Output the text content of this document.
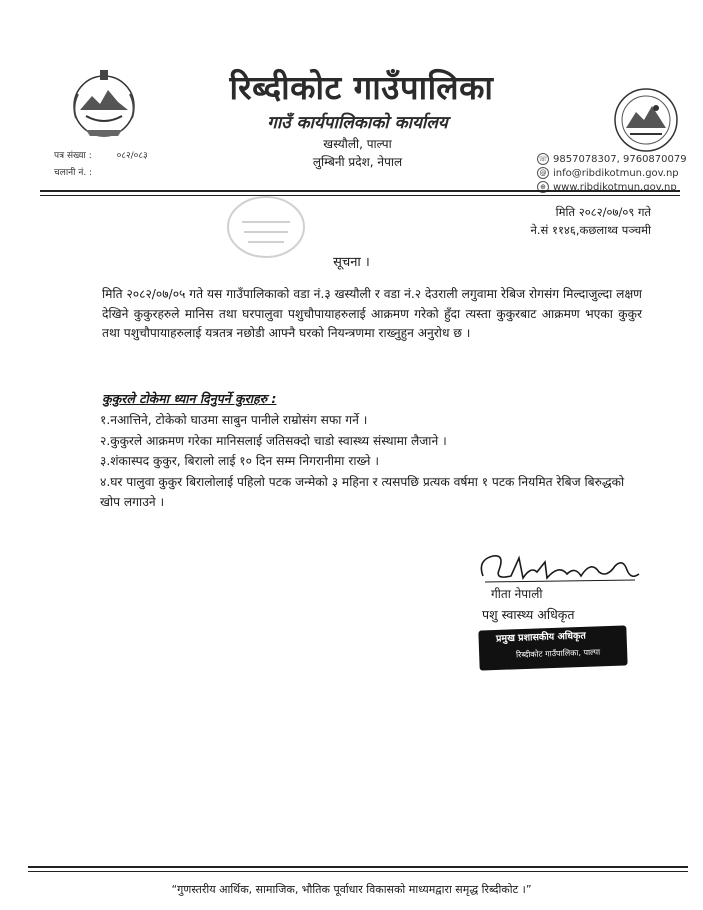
रिब्दीकोट गाउँपालिका
गाउँ कार्यपालिकाको कार्यालय
खस्यौली, पाल्पा
लुम्बिनी प्रदेश, नेपाल
पत्र संख्या :	०८२/०८३
चलानी नं. :
☏ 9857078307, 9760870079
@ info@ribdikotmun.gov.np
⊕ www.ribdikotmun.gov.np
मिति २०८२/०७/०९ गते
ने.सं ११४६,कछलाथ्व पञ्चमी
सूचना ।
मिति २०८२/०७/०५ गते यस गाउँपालिकाको वडा नं.३ खस्यौली र वडा नं.२ देउराली लगुवामा रेबिज रोगसंग मिल्दाजुल्दा लक्षण देखिने कुकुरहरुले मानिस तथा घरपालुवा पशुचौपायाहरुलाई आक्रमण गरेको हुँदा त्यस्ता कुकुरबाट आक्रमण भएका कुकुर तथा पशुचौपायाहरुलाई यत्रतत्र नछोडी आफ्नै घरको नियन्त्रणमा राख्नुहुन अनुरोध छ ।
कुकुरले टोकेमा ध्यान दिनुपर्ने कुराहरु :
१.नआत्तिने, टोकेको घाउमा साबुन पानीले राम्रोसंग सफा गर्ने ।
२.कुकुरले आक्रमण गरेका मानिसलाई जतिसक्दो चाडो स्वास्थ्य संस्थामा लैजाने ।
३.शंकास्पद कुकुर, बिरालो लाई १० दिन सम्म निगरानीमा राख्ने ।
४.घर पालुवा कुकुर बिरालोलाई पहिलो पटक जन्मेको ३ महिना र त्यसपछि प्रत्यक वर्षमा १ पटक नियमित रेबिज बिरुद्धको खोप लगाउने ।
गीता नेपाली
पशु स्वास्थ्य अधिकृत
प्रमुख प्रशासकीय अधिकृत
रिब्दीकोट गाउँपालिका, पाल्पा
“गुणस्तरीय आर्थिक, सामाजिक, भौतिक पूर्वाधार विकासको माध्यमद्वारा समृद्ध रिब्दीकोट ।”
